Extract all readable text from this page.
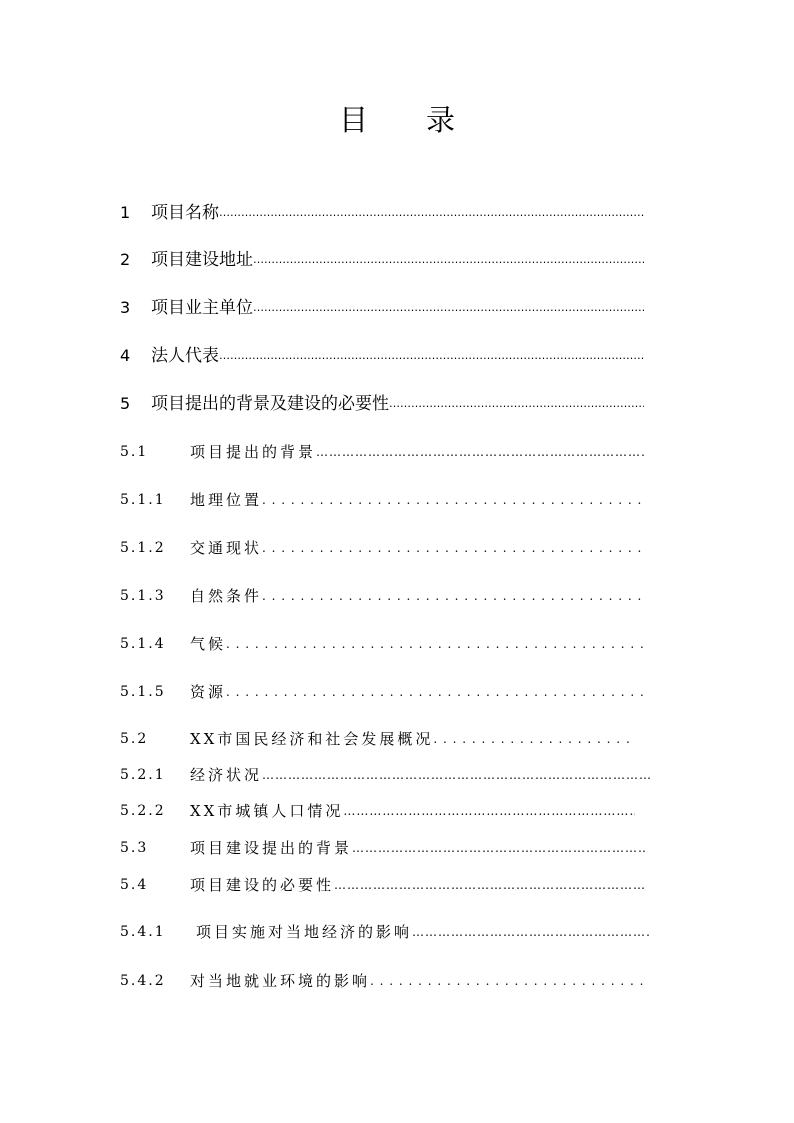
目 录
1	项目名称
……………………………………………………………………………………………………………………………………………………………………………………………………
2	项目建设地址
……………………………………………………………………………………………………………………………………………………………………………………………………
3	项目业主单位
……………………………………………………………………………………………………………………………………………………………………………………………………
4	法人代表
……………………………………………………………………………………………………………………………………………………………………………………………………
5	项目提出的背景及建设的必要性
……………………………………………………………………………………………………………………………………………………………………………………………………
5.1	项目提出的背景
……………………………………………………………………………………………………………………………………………………………………………………………………
5.1.1	地理位置
. . .
5.1.2	交通现状
. . .
5.1.3	自然条件
. . .
5.1.4	气候
. . .
5.1.5	资源
. . .
5.2	XX市国民经济和社会发展概况
. . .
5.2.1	经济状况
……………………………………………………………………………………………………………………………………………………………………………………………………
5.2.2	XX市城镇人口情况
……………………………………………………………………………………………………………………………………………………………………………………………………
5.3	项目建设提出的背景
……………………………………………………………………………………………………………………………………………………………………………………………………
5.4	项目建设的必要性
……………………………………………………………………………………………………………………………………………………………………………………………………
5.4.1	项目实施对当地经济的影响
……………………………………………………………………………………………………………………………………………………………………………………………………
5.4.2	对当地就业环境的影响
. . .
